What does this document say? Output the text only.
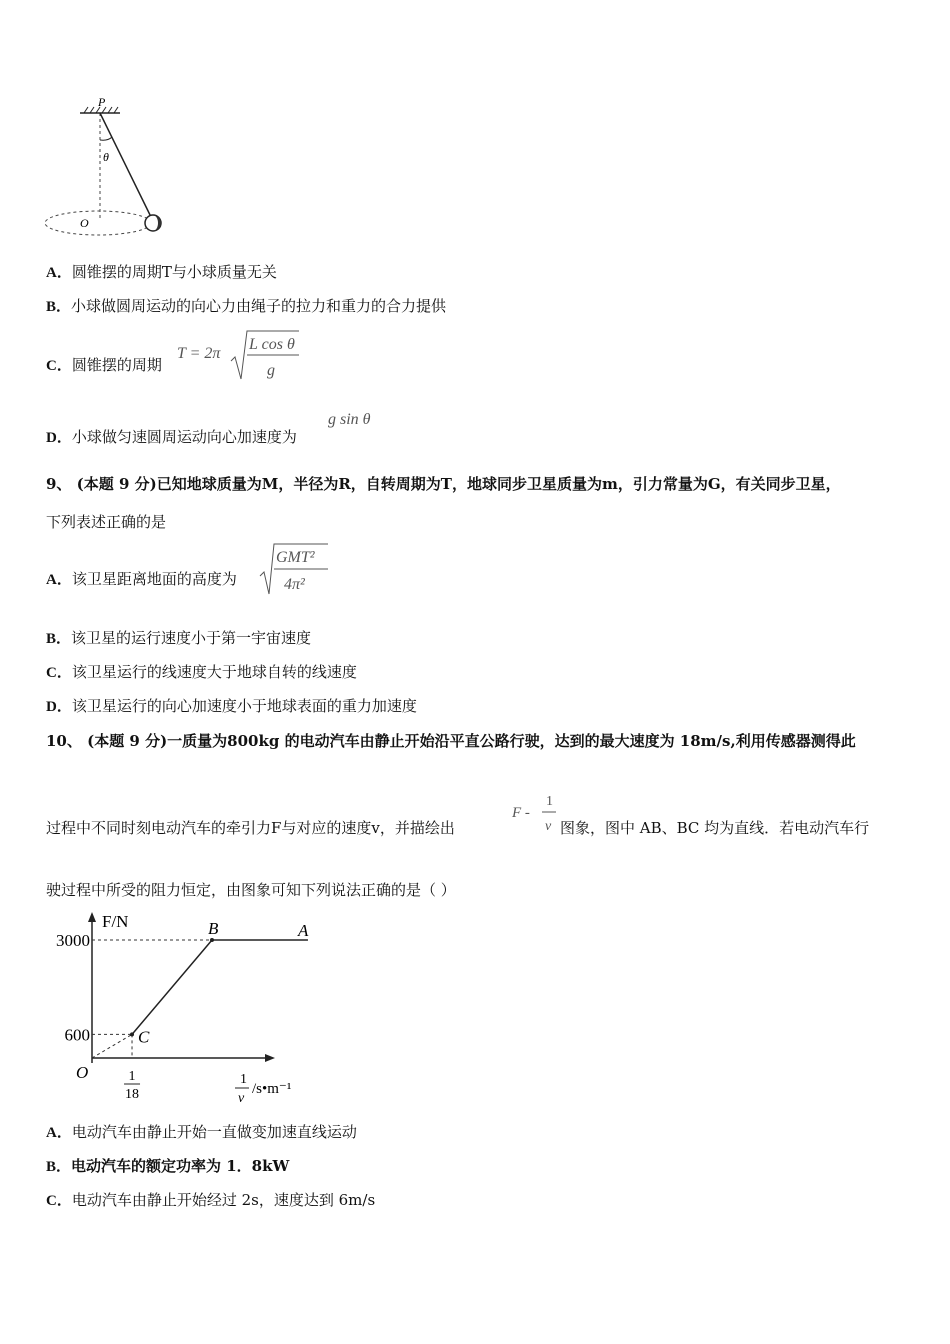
P
θ
O
A．圆锥摆的周期T与小球质量无关
B．小球做圆周运动的向心力由绳子的拉力和重力的合力提供
C．圆锥摆的周期
T = 2π
L cos θ
g
D．小球做匀速圆周运动向心加速度为
g sin θ
9、 (本题 9 分)已知地球质量为M，半径为R，自转周期为T，地球同步卫星质量为m，引力常量为G，有关同步卫星，
下列表述正确的是
A．该卫星距离地面的高度为
GMT²
4π²
B．该卫星的运行速度小于第一宇宙速度
C．该卫星运行的线速度大于地球自转的线速度
D．该卫星运行的向心加速度小于地球表面的重力加速度
10、 (本题 9 分)一质量为800kg 的电动汽车由静止开始沿平直公路行驶，达到的最大速度为 18m/s,利用传感器测得此
过程中不同时刻电动汽车的牵引力F与对应的速度v，并描绘出
F -
1
v 图象，图中 AB、BC 均为直线．若电动汽车行
驶过程中所受的阻力恒定，由图象可知下列说法正确的是（ ）
F/N	B	A
C
3000
600
O	1
18
1
v
/s•m⁻¹
A．电动汽车由静止开始一直做变加速直线运动
B．电动汽车的额定功率为 1．8kW
C．电动汽车由静止开始经过 2s，速度达到 6m/s
